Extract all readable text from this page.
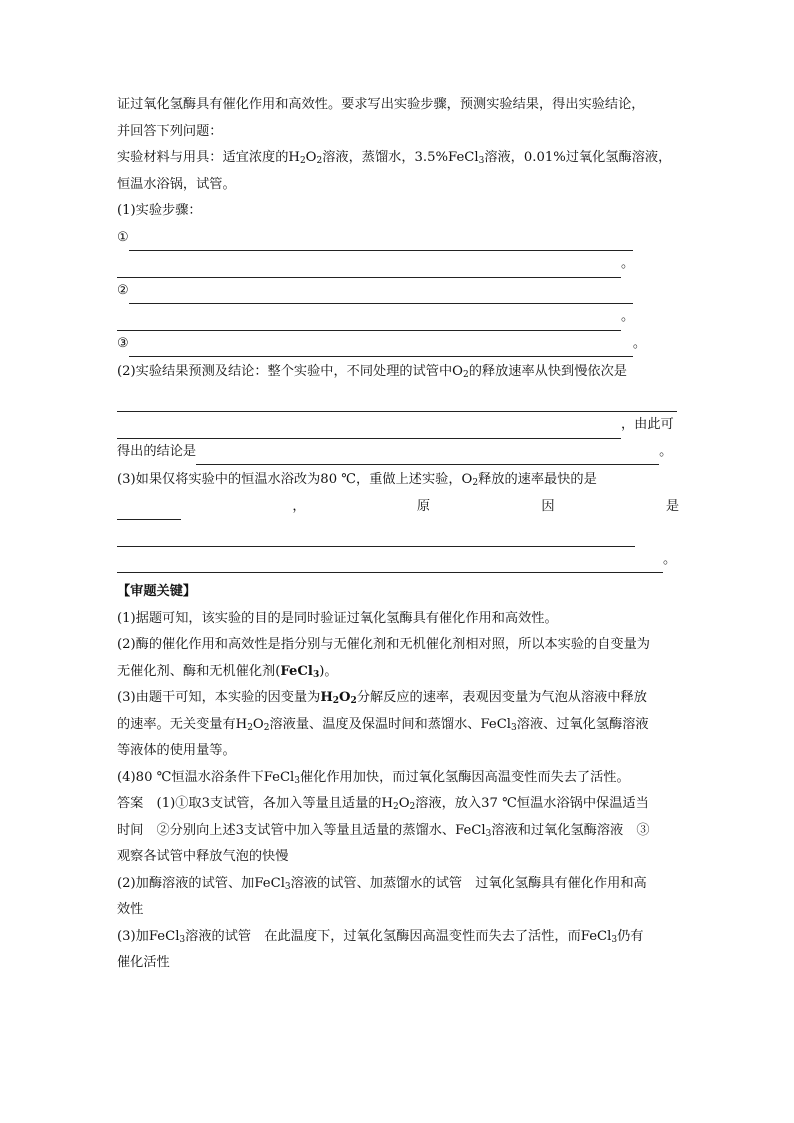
证过氧化氢酶具有催化作用和高效性。要求写出实验步骤，预测实验结果，得出实验结论，
并回答下列问题：
实验材料与用具：适宜浓度的$H_2O_2$溶液，蒸馏水，3.5%FeCl$_3$溶液，0.01%过氧化氢酶溶液，
恒温水浴锅，试管。
(1)实验步骤：
①
。
②
。
③	。
(2)实验结果预测及结论：整个实验中，不同处理的试管中$O_2$的释放速率从快到慢依次是
，由此可
得出的结论是	。
(3)如果仅将实验中的恒温水浴改为80 ℃，重做上述实验，$O_2$释放的速率最快的是
，	原	因	是
。
【审题关键】
(1)据题可知，该实验的目的是同时验证过氧化氢酶具有催化作用和高效性。
(2)酶的催化作用和高效性是指分别与无催化剂和无机催化剂相对照，所以本实验的自变量为
无催化剂、酶和无机催化剂(FeCl$_3$)。
(3)由题干可知，本实验的因变量为$H_2O_2$分解反应的速率，表观因变量为气泡从溶液中释放
的速率。无关变量有$H_2O_2$溶液量、温度及保温时间和蒸馏水、FeCl$_3$溶液、过氧化氢酶溶液
等液体的使用量等。
(4)80 ℃恒温水浴条件下FeCl$_3$催化作用加快，而过氧化氢酶因高温变性而失去了活性。
答案　(1)①取3支试管，各加入等量且适量的$H_2O_2$溶液，放入37 ℃恒温水浴锅中保温适当
时间　②分别向上述3支试管中加入等量且适量的蒸馏水、FeCl$_3$溶液和过氧化氢酶溶液　③
观察各试管中释放气泡的快慢
(2)加酶溶液的试管、加FeCl$_3$溶液的试管、加蒸馏水的试管　过氧化氢酶具有催化作用和高
效性
(3)加FeCl$_3$溶液的试管　在此温度下，过氧化氢酶因高温变性而失去了活性，而FeCl$_3$仍有
催化活性
